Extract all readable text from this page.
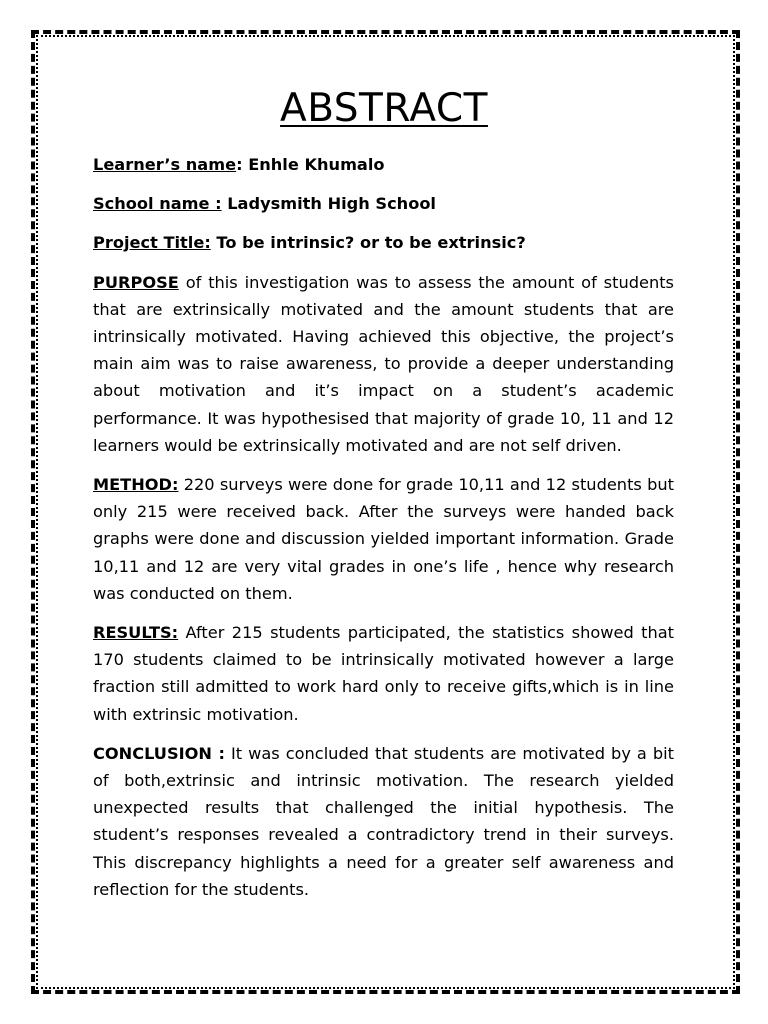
ABSTRACT

Learner’s name: Enhle Khumalo

School name : Ladysmith High School

Project Title: To be intrinsic? or to be extrinsic?

PURPOSE of this investigation was to assess the amount of students that are extrinsically motivated and the amount students that are intrinsically motivated. Having achieved this objective, the project’s main aim was to raise awareness, to provide a deeper understanding about motivation and it’s impact on a student’s academic performance. It was hypothesised that majority of grade 10, 11 and 12 learners would be extrinsically motivated and are not self driven.

METHOD: 220 surveys were done for grade 10,11 and 12 students but only 215 were received back. After the surveys were handed back graphs were done and discussion yielded important information. Grade 10,11 and 12 are very vital grades in one’s life , hence why research was conducted on them.

RESULTS: After 215 students participated, the statistics showed that 170 students claimed to be intrinsically motivated however a large fraction still admitted to work hard only to receive gifts,which is in line with extrinsic motivation.

CONCLUSION : It was concluded that students are motivated by a bit of both,extrinsic and intrinsic motivation. The research yielded unexpected results that challenged the initial hypothesis. The student’s responses revealed a contradictory trend in their surveys. This discrepancy highlights a need for a greater self awareness and reflection for the students.
